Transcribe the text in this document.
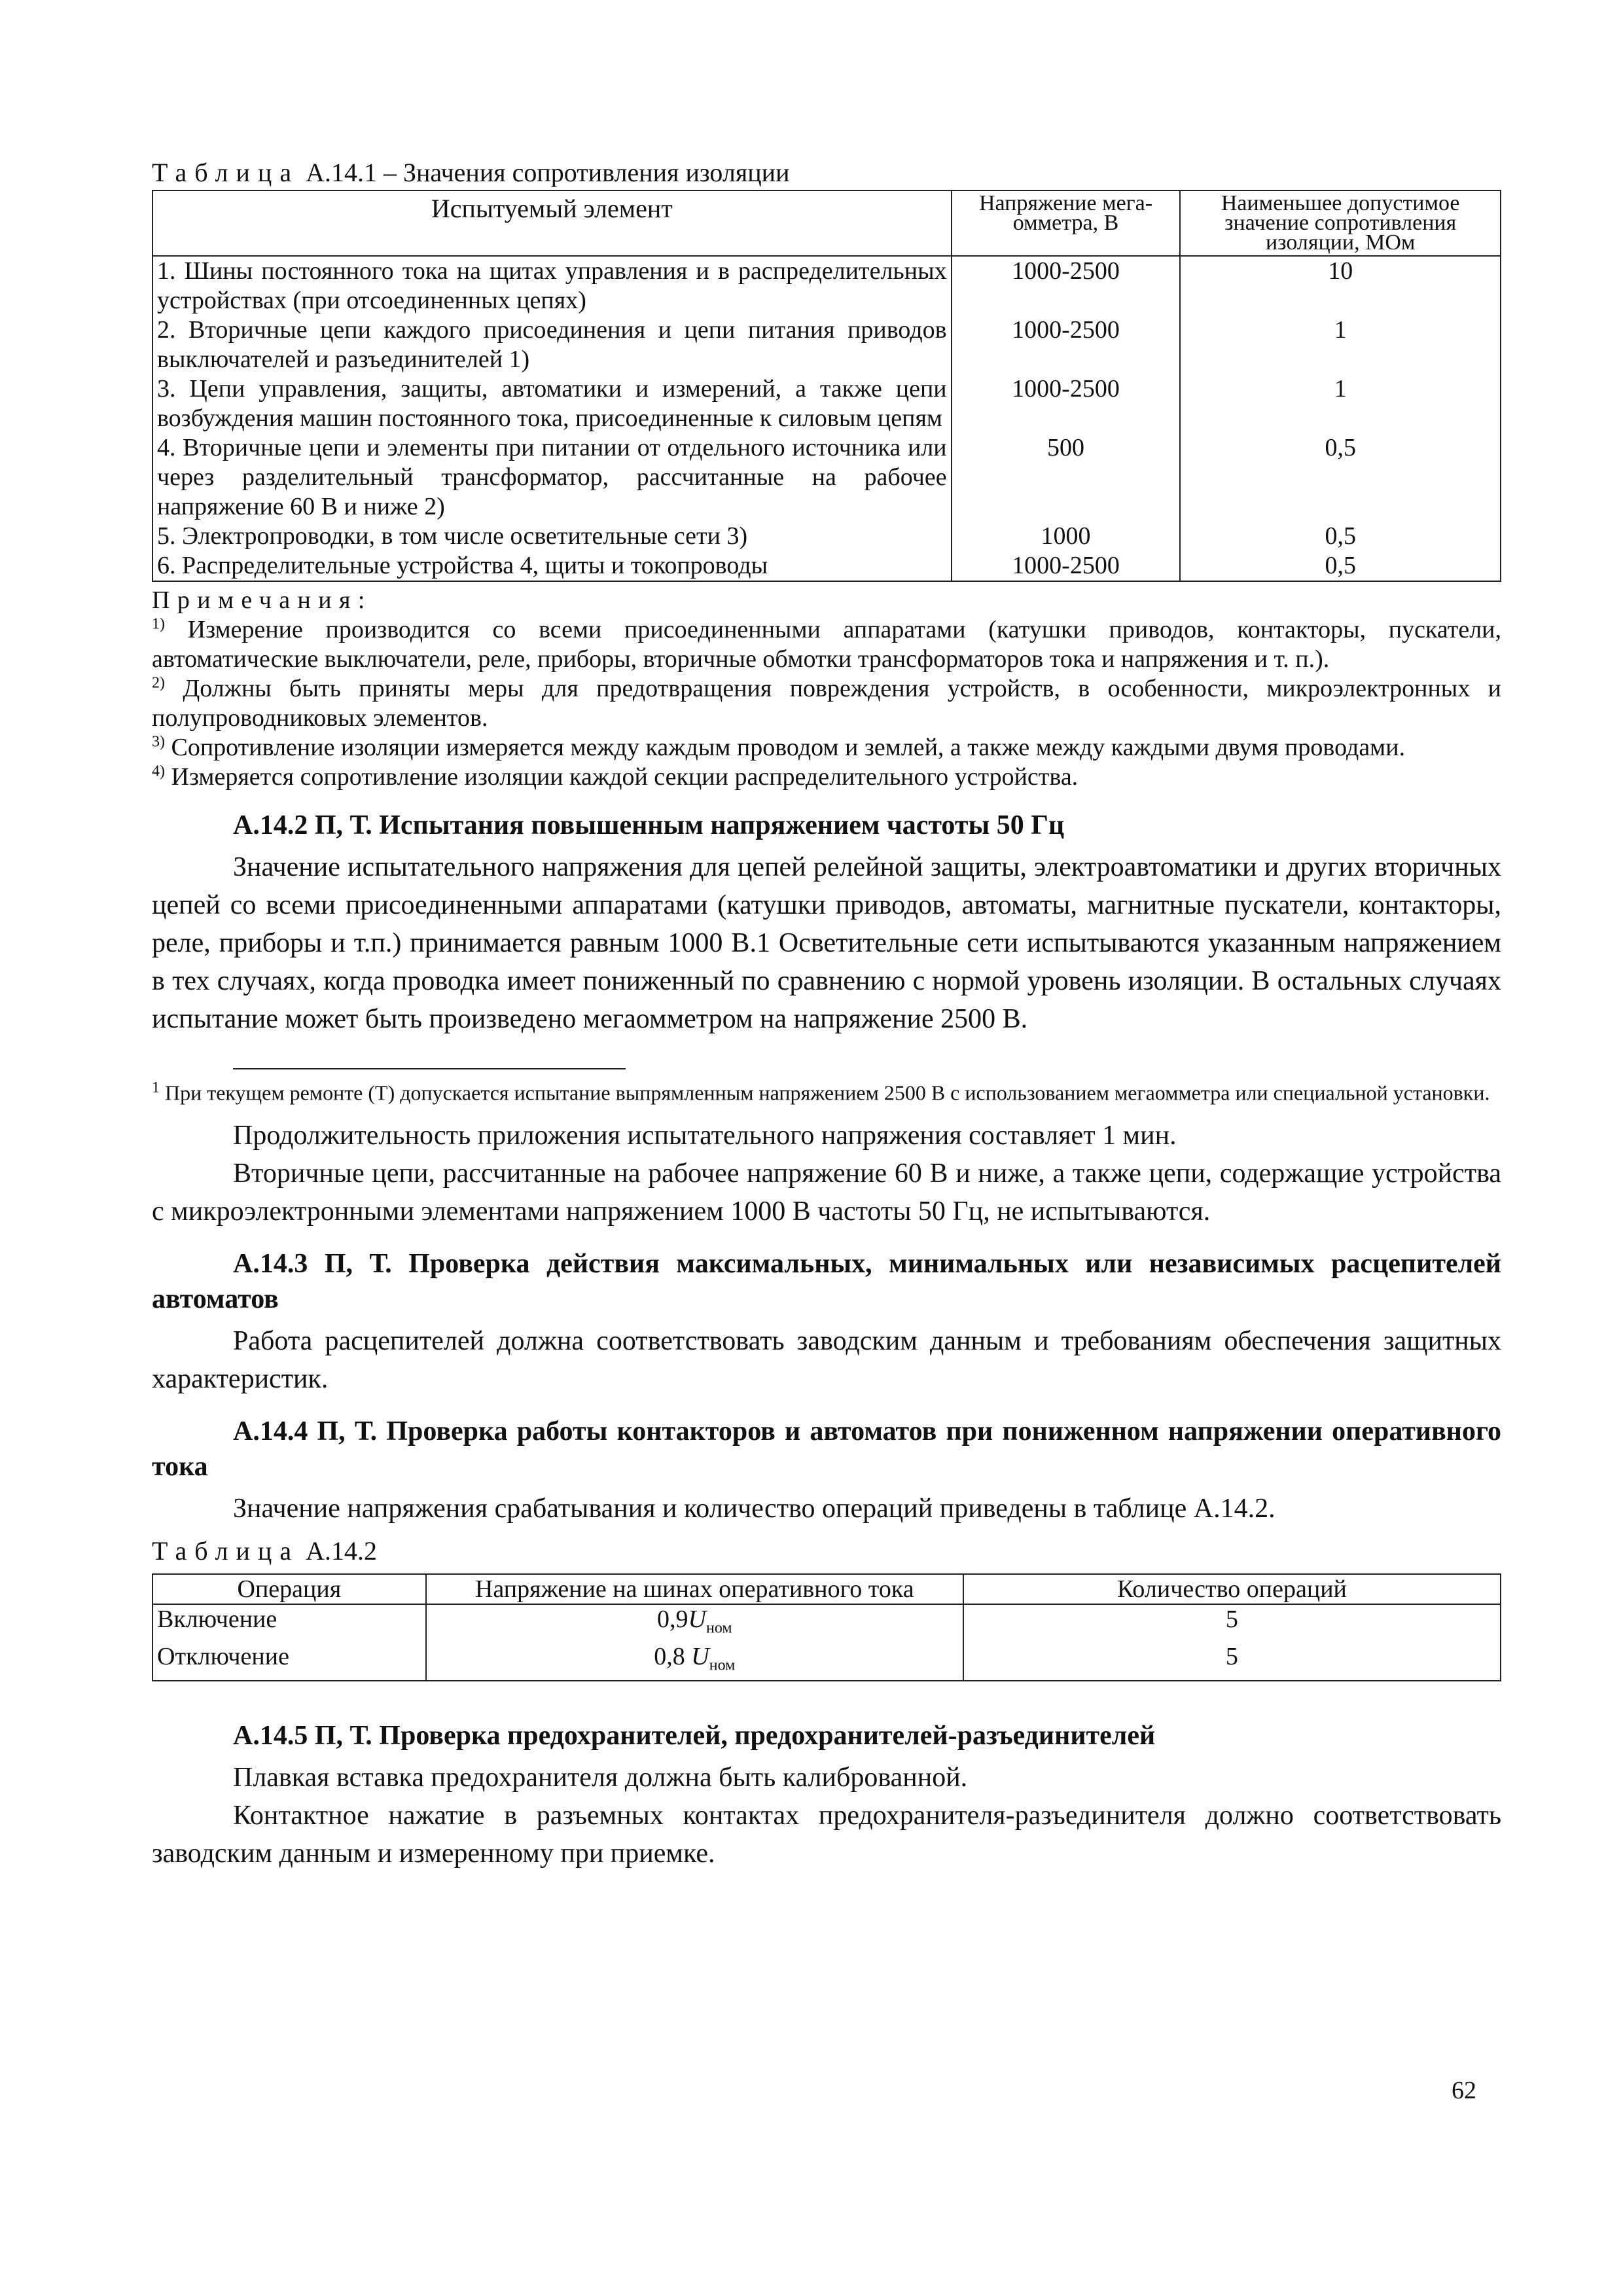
Таблица А.14.1 – Значения сопротивления изоляции

Испытуемый элемент	Напряжение мега-омметра, В	Наименьшее допустимое значение сопротивления изоляции, МОм
1. Шины постоянного тока на щитах управления и в распределительных устройствах (при отсоединенных цепях)	1000-2500	10
2. Вторичные цепи каждого присоединения и цепи питания приводов выключателей и разъединителей 1)	1000-2500	1
3. Цепи управления, защиты, автоматики и измерений, а также цепи возбуждения машин постоянного тока, присоединенные к силовым цепям	1000-2500	1
4. Вторичные цепи и элементы при питании от отдельного источника или через разделительный трансформатор, рассчитанные на рабочее напряжение 60 В и ниже 2)	500	0,5
5. Электропроводки, в том числе осветительные сети 3)	1000	0,5
6. Распределительные устройства 4, щиты и токопроводы	1000-2500	0,5

Примечания:

$^{1)}$ Измерение производится со всеми присоединенными аппаратами (катушки приводов, контакторы, пускатели, автоматические выключатели, реле, приборы, вторичные обмотки трансформаторов тока и напряжения и т. п.).

$^{2)}$ Должны быть приняты меры для предотвращения повреждения устройств, в особенности, микроэлектронных и полупроводниковых элементов.

$^{3)}$ Сопротивление изоляции измеряется между каждым проводом и землей, а также между каждыми двумя проводами.

$^{4)}$ Измеряется сопротивление изоляции каждой секции распределительного устройства.

А.14.2 П, Т. Испытания повышенным напряжением частоты 50 Гц

Значение испытательного напряжения для цепей релейной защиты, электроавтоматики и других вторичных цепей со всеми присоединенными аппаратами (катушки приводов, автоматы, магнитные пускатели, контакторы, реле, приборы и т.п.) принимается равным 1000 В.1 Осветительные сети испытываются указанным напряжением в тех случаях, когда проводка имеет пониженный по сравнению с нормой уровень изоляции. В остальных случаях испытание может быть произведено мегаомметром на напряжение 2500 В.

$^1$ При текущем ремонте (Т) допускается испытание выпрямленным напряжением 2500 В с использованием мегаомметра или специальной установки.

Продолжительность приложения испытательного напряжения составляет 1 мин.

Вторичные цепи, рассчитанные на рабочее напряжение 60 В и ниже, а также цепи, содержащие устройства с микроэлектронными элементами напряжением 1000 В частоты 50 Гц, не испытываются.

А.14.3 П, Т. Проверка действия максимальных, минимальных или независимых расцепителей автоматов

Работа расцепителей должна соответствовать заводским данным и требованиям обеспечения защитных характеристик.

А.14.4 П, Т. Проверка работы контакторов и автоматов при пониженном напряжении оперативного тока

Значение напряжения срабатывания и количество операций приведены в таблице А.14.2.

Таблица А.14.2

Операция	Напряжение на шинах оперативного тока	Количество операций
Включение	$0,9U_{ном}$	5
Отключение	0,8 $U_{ном}$	5
А.14.5 П, Т. Проверка предохранителей, предохранителей-разъединителей

Плавкая вставка предохранителя должна быть калиброванной.

Контактное нажатие в разъемных контактах предохранителя-разъединителя должно соответствовать заводским данным и измеренному при приемке.

62
